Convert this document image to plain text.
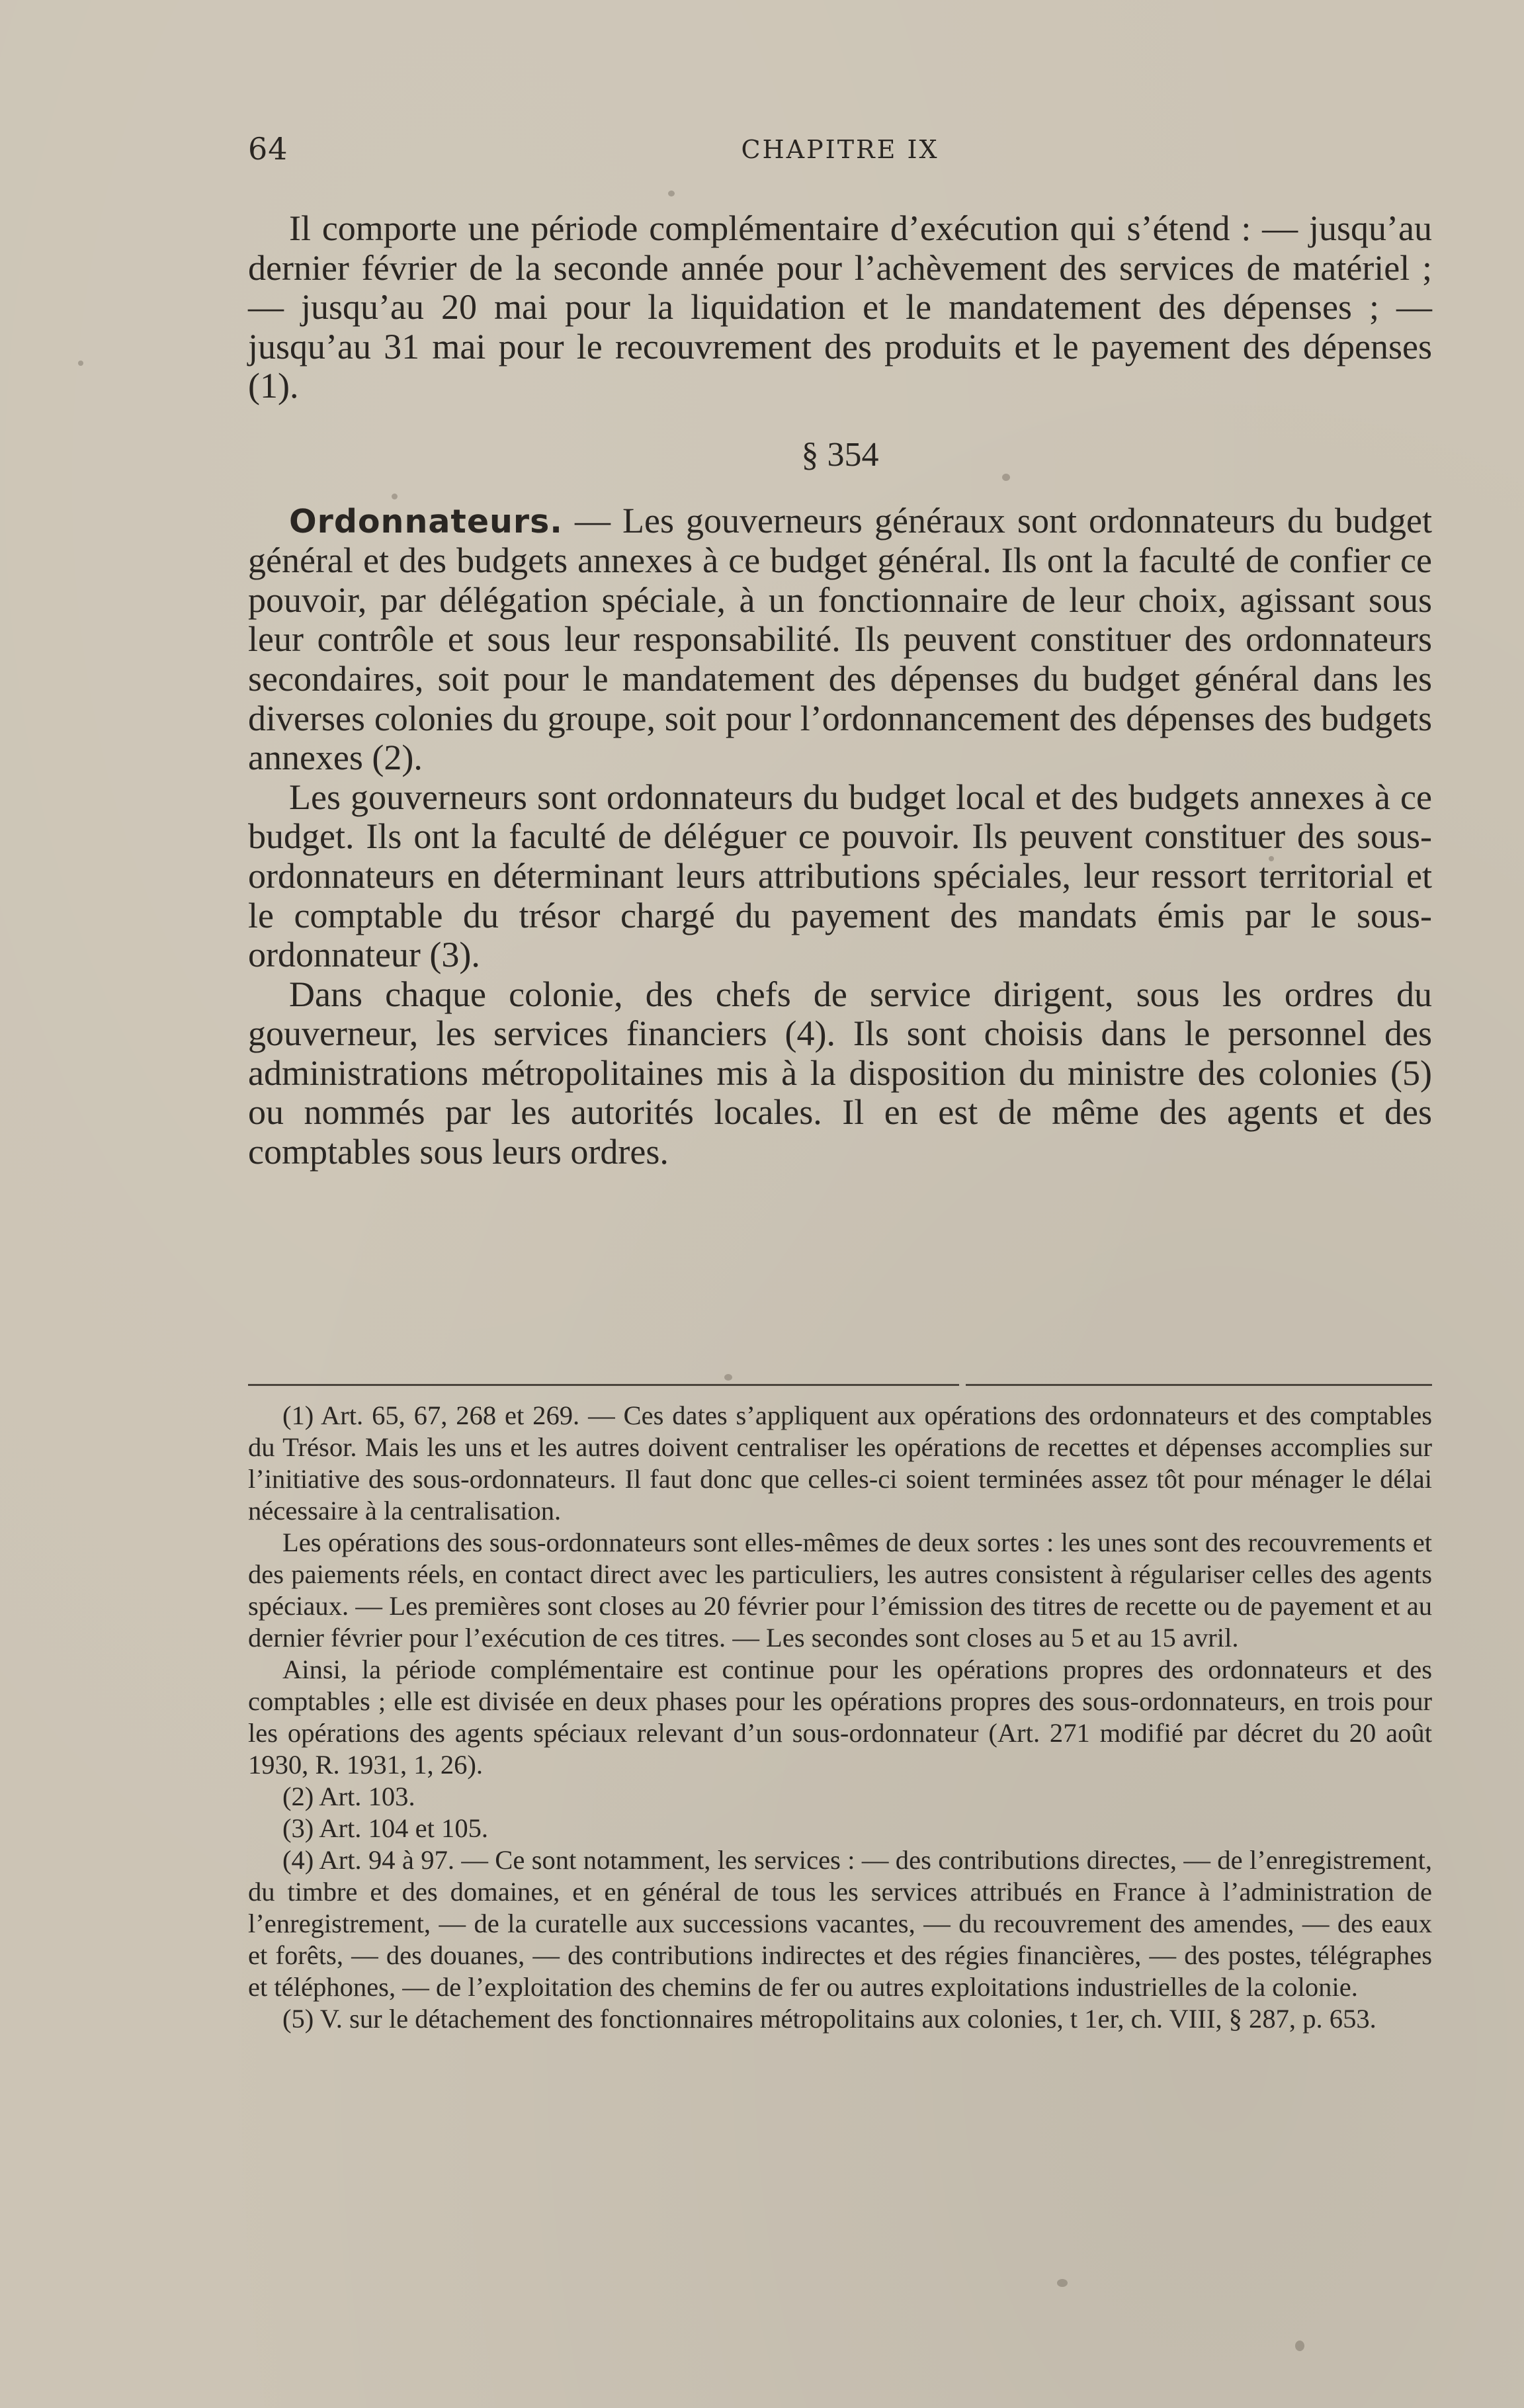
64	CHAPITRE IX

Il comporte une période complémentaire d’exécution qui s’étend : — jusqu’au dernier février de la seconde année pour l’achèvement des services de matériel ; — jusqu’au 20 mai pour la liquidation et le mandatement des dépenses ; — jusqu’au 31 mai pour le recouvrement des produits et le payement des dépenses (1).

§ 354

Ordonnateurs. — Les gouverneurs généraux sont ordonnateurs du budget général et des budgets annexes à ce budget général. Ils ont la faculté de confier ce pouvoir, par délégation spéciale, à un fonctionnaire de leur choix, agissant sous leur contrôle et sous leur responsabilité. Ils peuvent constituer des ordonnateurs secondaires, soit pour le mandatement des dépenses du budget général dans les diverses colonies du groupe, soit pour l’ordonnancement des dépenses des budgets annexes (2).

Les gouverneurs sont ordonnateurs du budget local et des budgets annexes à ce budget. Ils ont la faculté de déléguer ce pouvoir. Ils peuvent constituer des sous-ordonnateurs en déterminant leurs attributions spéciales, leur ressort territorial et le comptable du trésor chargé du payement des mandats émis par le sous-ordonnateur (3).

Dans chaque colonie, des chefs de service dirigent, sous les ordres du gouverneur, les services financiers (4). Ils sont choisis dans le personnel des administrations métropolitaines mis à la disposition du ministre des colonies (5) ou nommés par les autorités locales. Il en est de même des agents et des comptables sous leurs ordres.

(1) Art. 65, 67, 268 et 269. — Ces dates s’appliquent aux opérations des ordonnateurs et des comptables du Trésor. Mais les uns et les autres doivent centraliser les opérations de recettes et dépenses accomplies sur l’initiative des sous-ordonnateurs. Il faut donc que celles-ci soient terminées assez tôt pour ménager le délai nécessaire à la centralisation.

Les opérations des sous-ordonnateurs sont elles-mêmes de deux sortes : les unes sont des recouvrements et des paiements réels, en contact direct avec les particuliers, les autres consistent à régulariser celles des agents spéciaux. — Les premières sont closes au 20 février pour l’émission des titres de recette ou de payement et au dernier février pour l’exécution de ces titres. — Les secondes sont closes au 5 et au 15 avril.

Ainsi, la période complémentaire est continue pour les opérations propres des ordonnateurs et des comptables ; elle est divisée en deux phases pour les opérations propres des sous-ordonnateurs, en trois pour les opérations des agents spéciaux relevant d’un sous-ordonnateur (Art. 271 modifié par décret du 20 août 1930, R. 1931, 1, 26).

(2) Art. 103.

(3) Art. 104 et 105.

(4) Art. 94 à 97. — Ce sont notamment, les services : — des contributions directes, — de l’enregistrement, du timbre et des domaines, et en général de tous les services attribués en France à l’administration de l’enregistrement, — de la curatelle aux successions vacantes, — du recouvrement des amendes, — des eaux et forêts, — des douanes, — des contributions indirectes et des régies financières, — des postes, télégraphes et téléphones, — de l’exploitation des chemins de fer ou autres exploitations industrielles de la colonie.

(5) V. sur le détachement des fonctionnaires métropolitains aux colonies, t 1er, ch. VIII, § 287, p. 653.
